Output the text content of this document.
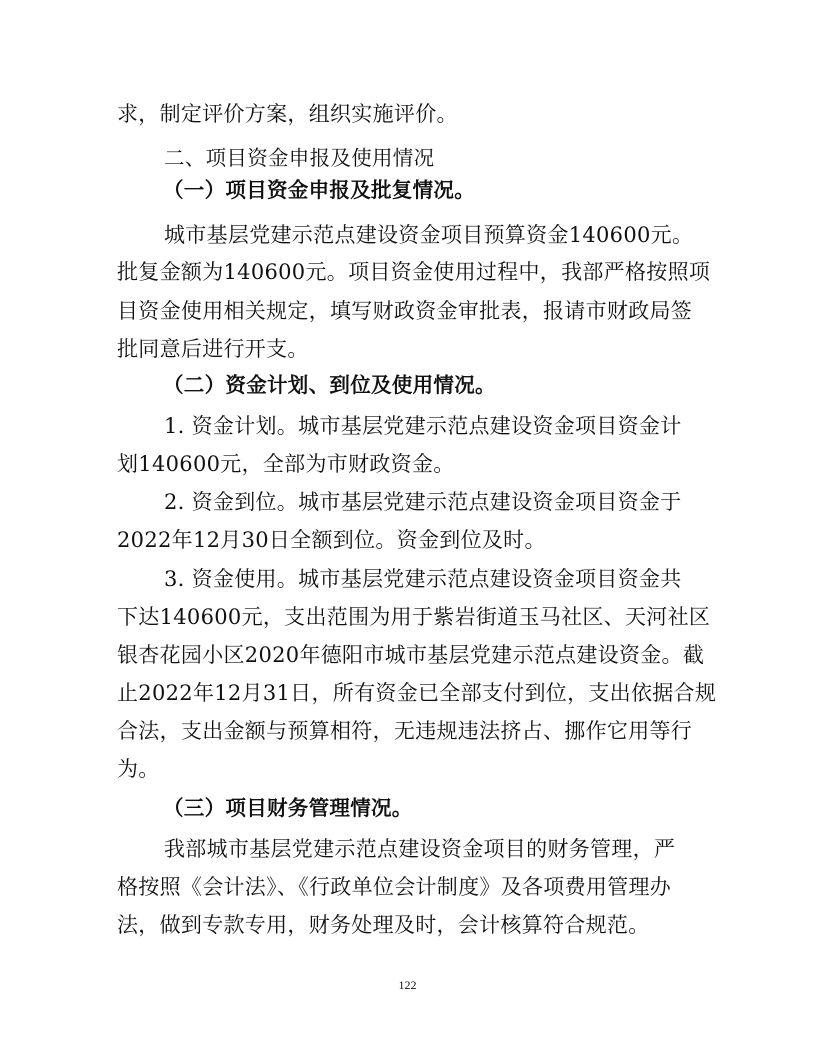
求，制定评价方案，组织实施评价。
二、项目资金申报及使用情况
（一）项目资金申报及批复情况。
城市基层党建示范点建设资金项目预算资金140600元。
批复金额为140600元。项目资金使用过程中，我部严格按照项
目资金使用相关规定，填写财政资金审批表，报请市财政局签
批同意后进行开支。
（二）资金计划、到位及使用情况。
1. 资金计划。城市基层党建示范点建设资金项目资金计
划140600元，全部为市财政资金。
2. 资金到位。城市基层党建示范点建设资金项目资金于
2022年12月30日全额到位。资金到位及时。
3. 资金使用。城市基层党建示范点建设资金项目资金共
下达140600元，支出范围为用于紫岩街道玉马社区、天河社区
银杏花园小区2020年德阳市城市基层党建示范点建设资金。截
止2022年12月31日，所有资金已全部支付到位，支出依据合规
合法，支出金额与预算相符，无违规违法挤占、挪作它用等行
为。
（三）项目财务管理情况。
我部城市基层党建示范点建设资金项目的财务管理，严
格按照《会计法》、《行政单位会计制度》及各项费用管理办
法，做到专款专用，财务处理及时，会计核算符合规范。
122
